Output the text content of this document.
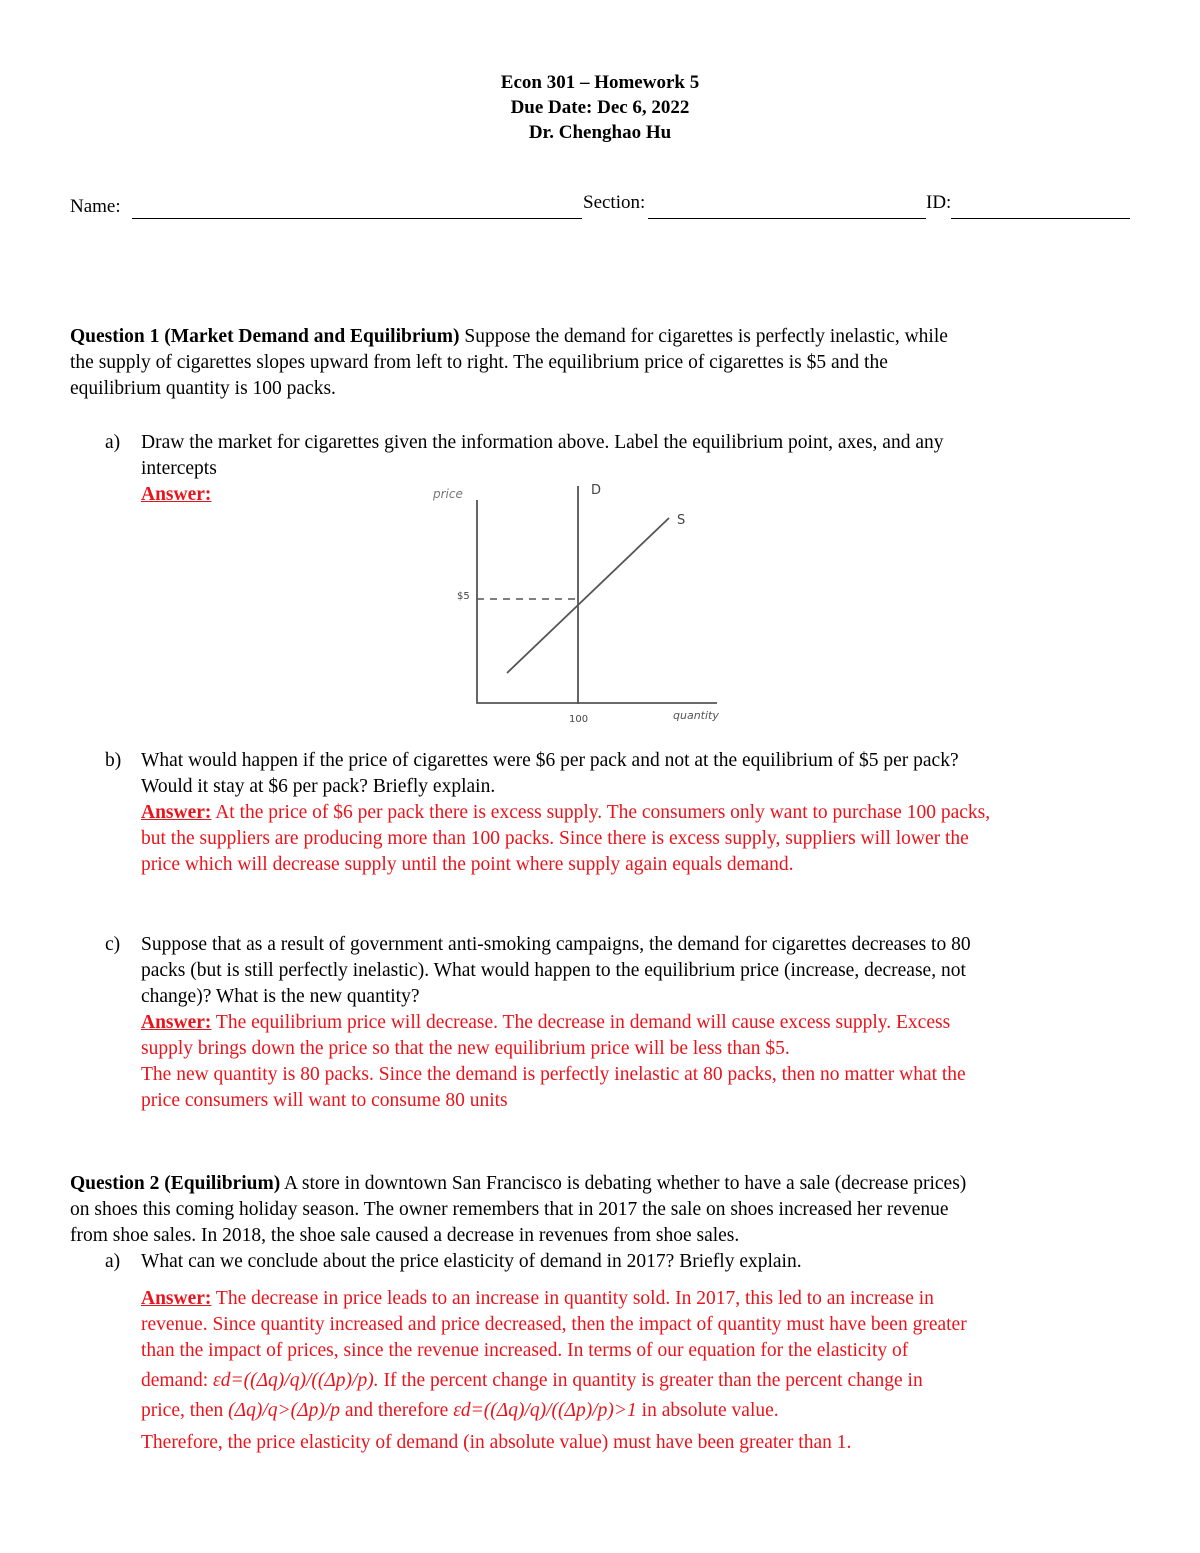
Econ 301 – Homework 5
Due Date: Dec 6, 2022
Dr. Chenghao Hu
Name:	Section:	ID:
Question 1 (Market Demand and Equilibrium) Suppose the demand for cigarettes is perfectly inelastic, while
the supply of cigarettes slopes upward from left to right. The equilibrium price of cigarettes is $5 and the
equilibrium quantity is 100 packs.
a) Draw the market for cigarettes given the information above. Label the equilibrium point, axes, and any
intercepts
Answer:	price	D
S
$5
100	quantity
b) What would happen if the price of cigarettes were $6 per pack and not at the equilibrium of $5 per pack?
Would it stay at $6 per pack? Briefly explain.
Answer: At the price of $6 per pack there is excess supply. The consumers only want to purchase 100 packs,
but the suppliers are producing more than 100 packs. Since there is excess supply, suppliers will lower the
price which will decrease supply until the point where supply again equals demand.
c) Suppose that as a result of government anti-smoking campaigns, the demand for cigarettes decreases to 80
packs (but is still perfectly inelastic). What would happen to the equilibrium price (increase, decrease, not
change)? What is the new quantity?
Answer: The equilibrium price will decrease. The decrease in demand will cause excess supply. Excess
supply brings down the price so that the new equilibrium price will be less than $5.
The new quantity is 80 packs. Since the demand is perfectly inelastic at 80 packs, then no matter what the
price consumers will want to consume 80 units
Question 2 (Equilibrium) A store in downtown San Francisco is debating whether to have a sale (decrease prices)
on shoes this coming holiday season. The owner remembers that in 2017 the sale on shoes increased her revenue
from shoe sales. In 2018, the shoe sale caused a decrease in revenues from shoe sales.
a) What can we conclude about the price elasticity of demand in 2017? Briefly explain.
Answer: The decrease in price leads to an increase in quantity sold. In 2017, this led to an increase in
revenue. Since quantity increased and price decreased, then the impact of quantity must have been greater
than the impact of prices, since the revenue increased. In terms of our equation for the elasticity of
demand: εd=((Δq)/q)/((Δp)/p). If the percent change in quantity is greater than the percent change in
price, then (Δq)/q>(Δp)/p and therefore εd=((Δq)/q)/((Δp)/p)>1 in absolute value.
Therefore, the price elasticity of demand (in absolute value) must have been greater than 1.
